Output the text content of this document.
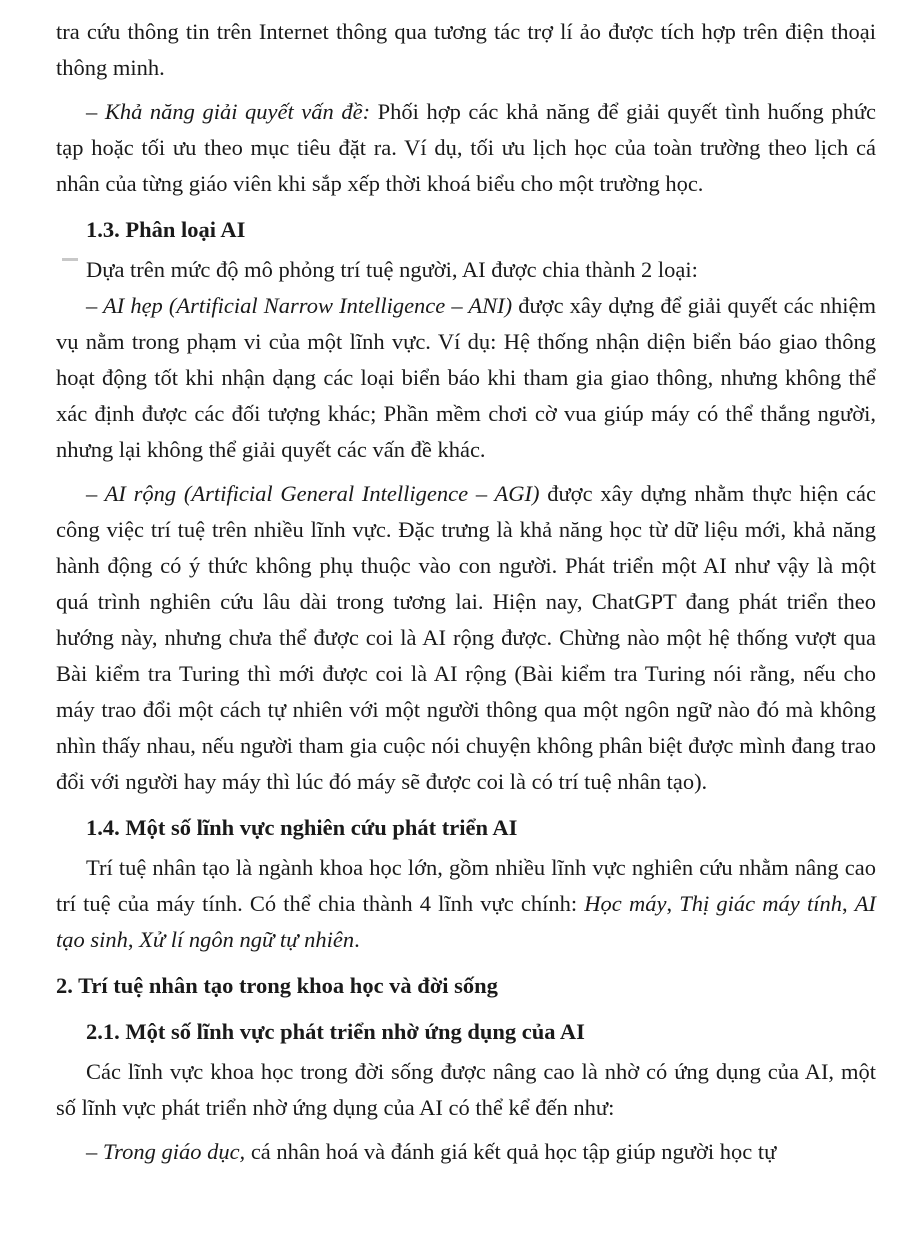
tra cứu thông tin trên Internet thông qua tương tác trợ lí ảo được tích hợp trên điện thoại thông minh.

– Khả năng giải quyết vấn đề: Phối hợp các khả năng để giải quyết tình huống phức tạp hoặc tối ưu theo mục tiêu đặt ra. Ví dụ, tối ưu lịch học của toàn trường theo lịch cá nhân của từng giáo viên khi sắp xếp thời khoá biểu cho một trường học.

1.3. Phân loại AI

Dựa trên mức độ mô phỏng trí tuệ người, AI được chia thành 2 loại:

– AI hẹp (Artificial Narrow Intelligence – ANI) được xây dựng để giải quyết các nhiệm vụ nằm trong phạm vi của một lĩnh vực. Ví dụ: Hệ thống nhận diện biển báo giao thông hoạt động tốt khi nhận dạng các loại biển báo khi tham gia giao thông, nhưng không thể xác định được các đối tượng khác; Phần mềm chơi cờ vua giúp máy có thể thắng người, nhưng lại không thể giải quyết các vấn đề khác.

– AI rộng (Artificial General Intelligence – AGI) được xây dựng nhằm thực hiện các công việc trí tuệ trên nhiều lĩnh vực. Đặc trưng là khả năng học từ dữ liệu mới, khả năng hành động có ý thức không phụ thuộc vào con người. Phát triển một AI như vậy là một quá trình nghiên cứu lâu dài trong tương lai. Hiện nay, ChatGPT đang phát triển theo hướng này, nhưng chưa thể được coi là AI rộng được. Chừng nào một hệ thống vượt qua Bài kiểm tra Turing thì mới được coi là AI rộng (Bài kiểm tra Turing nói rằng, nếu cho máy trao đổi một cách tự nhiên với một người thông qua một ngôn ngữ nào đó mà không nhìn thấy nhau, nếu người tham gia cuộc nói chuyện không phân biệt được mình đang trao đổi với người hay máy thì lúc đó máy sẽ được coi là có trí tuệ nhân tạo).

1.4. Một số lĩnh vực nghiên cứu phát triển AI

Trí tuệ nhân tạo là ngành khoa học lớn, gồm nhiều lĩnh vực nghiên cứu nhằm nâng cao trí tuệ của máy tính. Có thể chia thành 4 lĩnh vực chính: Học máy, Thị giác máy tính, AI tạo sinh, Xử lí ngôn ngữ tự nhiên.

2. Trí tuệ nhân tạo trong khoa học và đời sống
2.1. Một số lĩnh vực phát triển nhờ ứng dụng của AI

Các lĩnh vực khoa học trong đời sống được nâng cao là nhờ có ứng dụng của AI, một số lĩnh vực phát triển nhờ ứng dụng của AI có thể kể đến như:

– Trong giáo dục, cá nhân hoá và đánh giá kết quả học tập giúp người học tự
